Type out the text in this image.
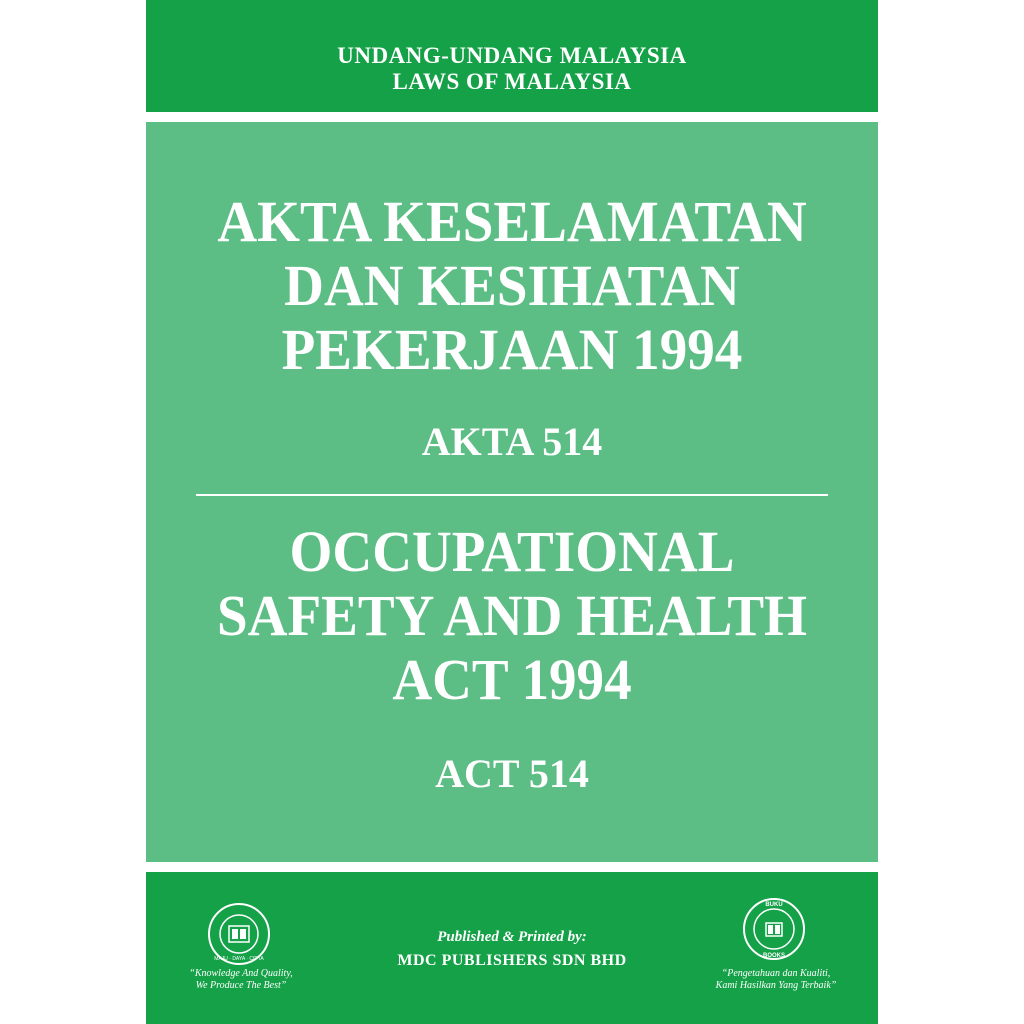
UNDANG-UNDANG MALAYSIA
LAWS OF MALAYSIA
AKTA KESELAMATAN
DAN KESIHATAN
PEKERJAAN 1994
AKTA 514
OCCUPATIONAL
SAFETY AND HEALTH
ACT 1994
ACT 514
MAJU · DAYA · CIPTA
“Knowledge And Quality,
We Produce The Best”
Published & Printed by:
MDC PUBLISHERS SDN BHD
BUKU
BOOKS
“Pengetahuan dan Kualiti,
Kami Hasilkan Yang Terbaik”
